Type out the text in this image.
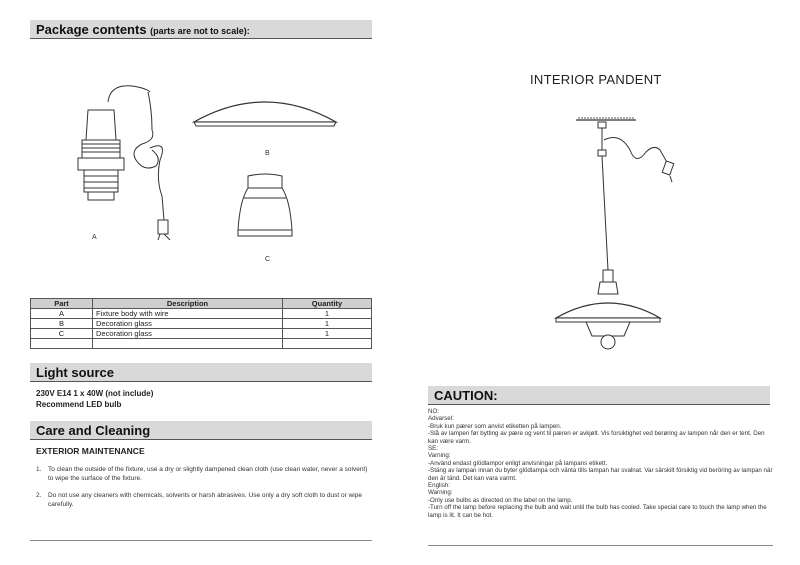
Package contents (parts are not to scale):
A
B
C
Part	Description	Quantity
A	Fixture body with wire	1
B	Decoration glass	1
C	Decoration glass	1

Light source
230V E14 1 x 40W (not include)
Recommend LED bulb
Care and Cleaning
EXTERIOR MAINTENANCE
1.	To clean the outside of the fixture, use a dry or slightly dampened clean cloth (use clean water, never a solvent) to wipe the surface of the fixture.
2.	Do not use any cleaners with chemicals, solvents or harsh abrasives. Use only a dry soft cloth to dust or wipe carefully.
INTERIOR PANDENT
CAUTION:
NO:
Advarsel:
-Bruk kun pærer som anvist etiketten på lampen.
-Slå av lampen før bytting av pære og vent til pæren er avkjølt. Vis forsiktighet ved berøring av lampen når den er tent. Den kan være varm.
SE:
Varning:
-Använd endast glödlampor enligt anvisningar på lampans etikett.
-Stäng av lampan innan du byter glödlampa och vänta tills lampan har svalnat. Var särskilt försiktig vid beröring av lampan när den är tänd. Det kan vara varmt.
English:
Warning:
-Only use bulbs as directed on the label on the lamp.
-Turn off the lamp before replacing the bulb and wait until the bulb has cooled. Take special care to touch the lamp when the lamp is lit. It can be hot.
